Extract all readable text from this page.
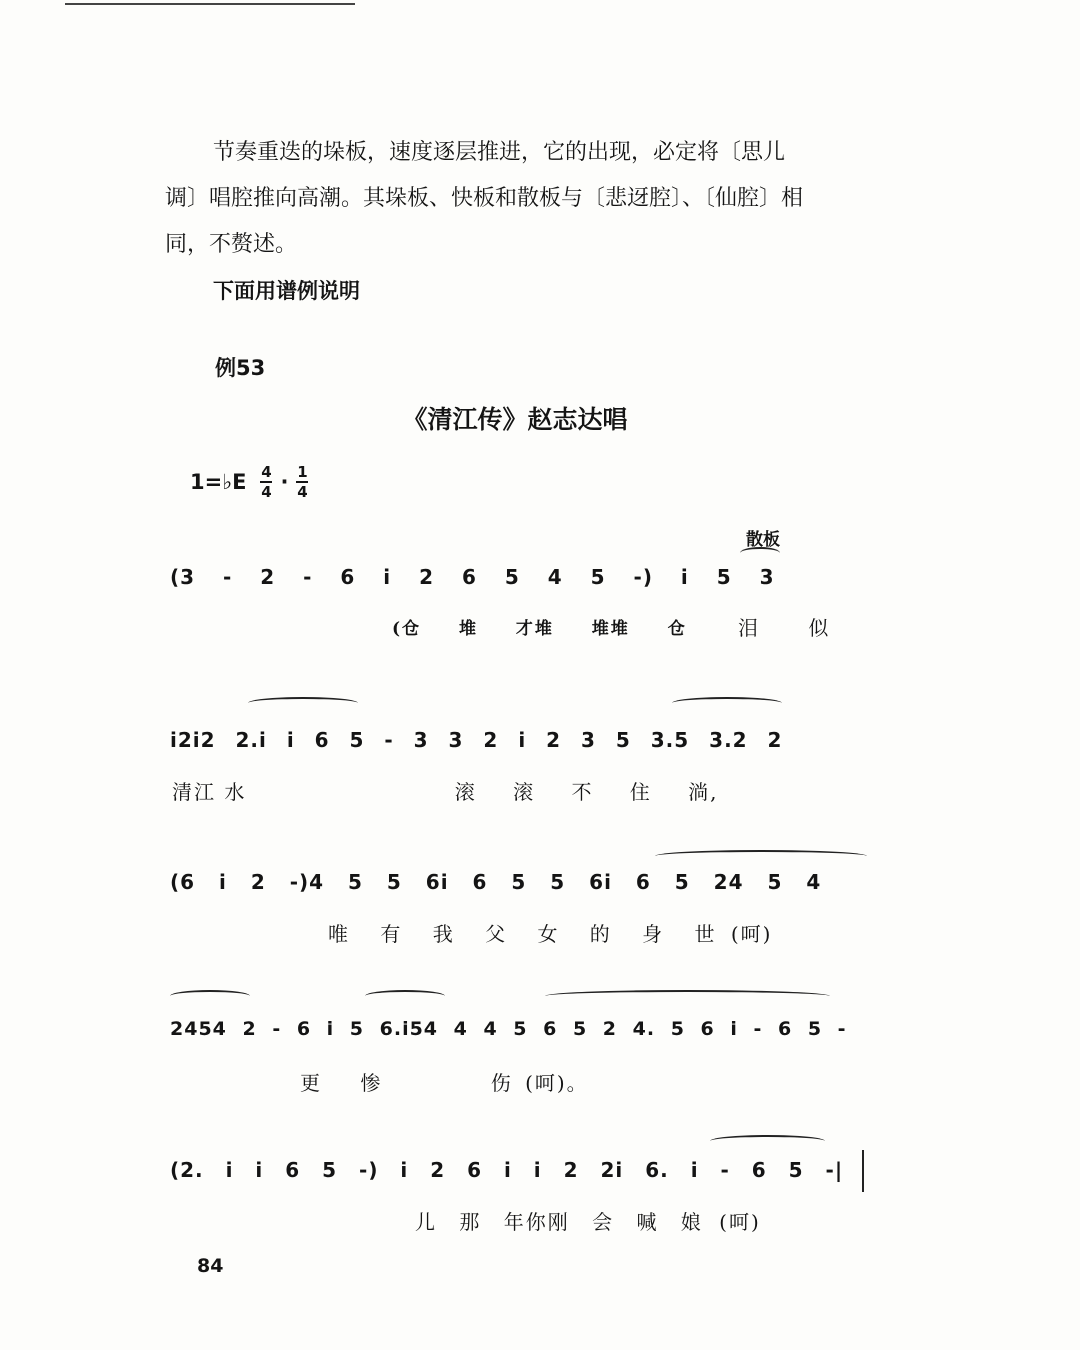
节奏重迭的垛板，速度逐层推进，它的出现，必定将〔思儿
调〕唱腔推向高潮。其垛板、快板和散板与〔悲迓腔〕、〔仙腔〕相
同，不赘述。
下面用谱例说明
例53
《清江传》赵志达唱
1=♭E $\frac{4}{4} \cdot \frac{1}{4}$
散板
(3 - 2 - 6 i 2 6 5 4 5 -) i 5 3
(仓 堆 才堆 堆堆 仓	泪 似
i2i2 2.i i 6 5 - 3 3 2 i 2 3 5 3.5 3.2 2
清江 水	滚 滚 不 住 淌,
(6 i 2 -)4 5 5 6i 6 5 5 6i 6 5 24 5 4
唯 有 我 父 女 的 身 世 (呵)
2454 2 - 6 i 5 6.i54 4 4 5 6 5 2 4. 5 6 i - 6 5 -
更 惨	伤 (呵)。
(2. i i 6 5 -) i 2 6 i i 2 2i 6. i - 6 5 -|
儿 那 年你刚 会 喊 娘 (呵)
84
